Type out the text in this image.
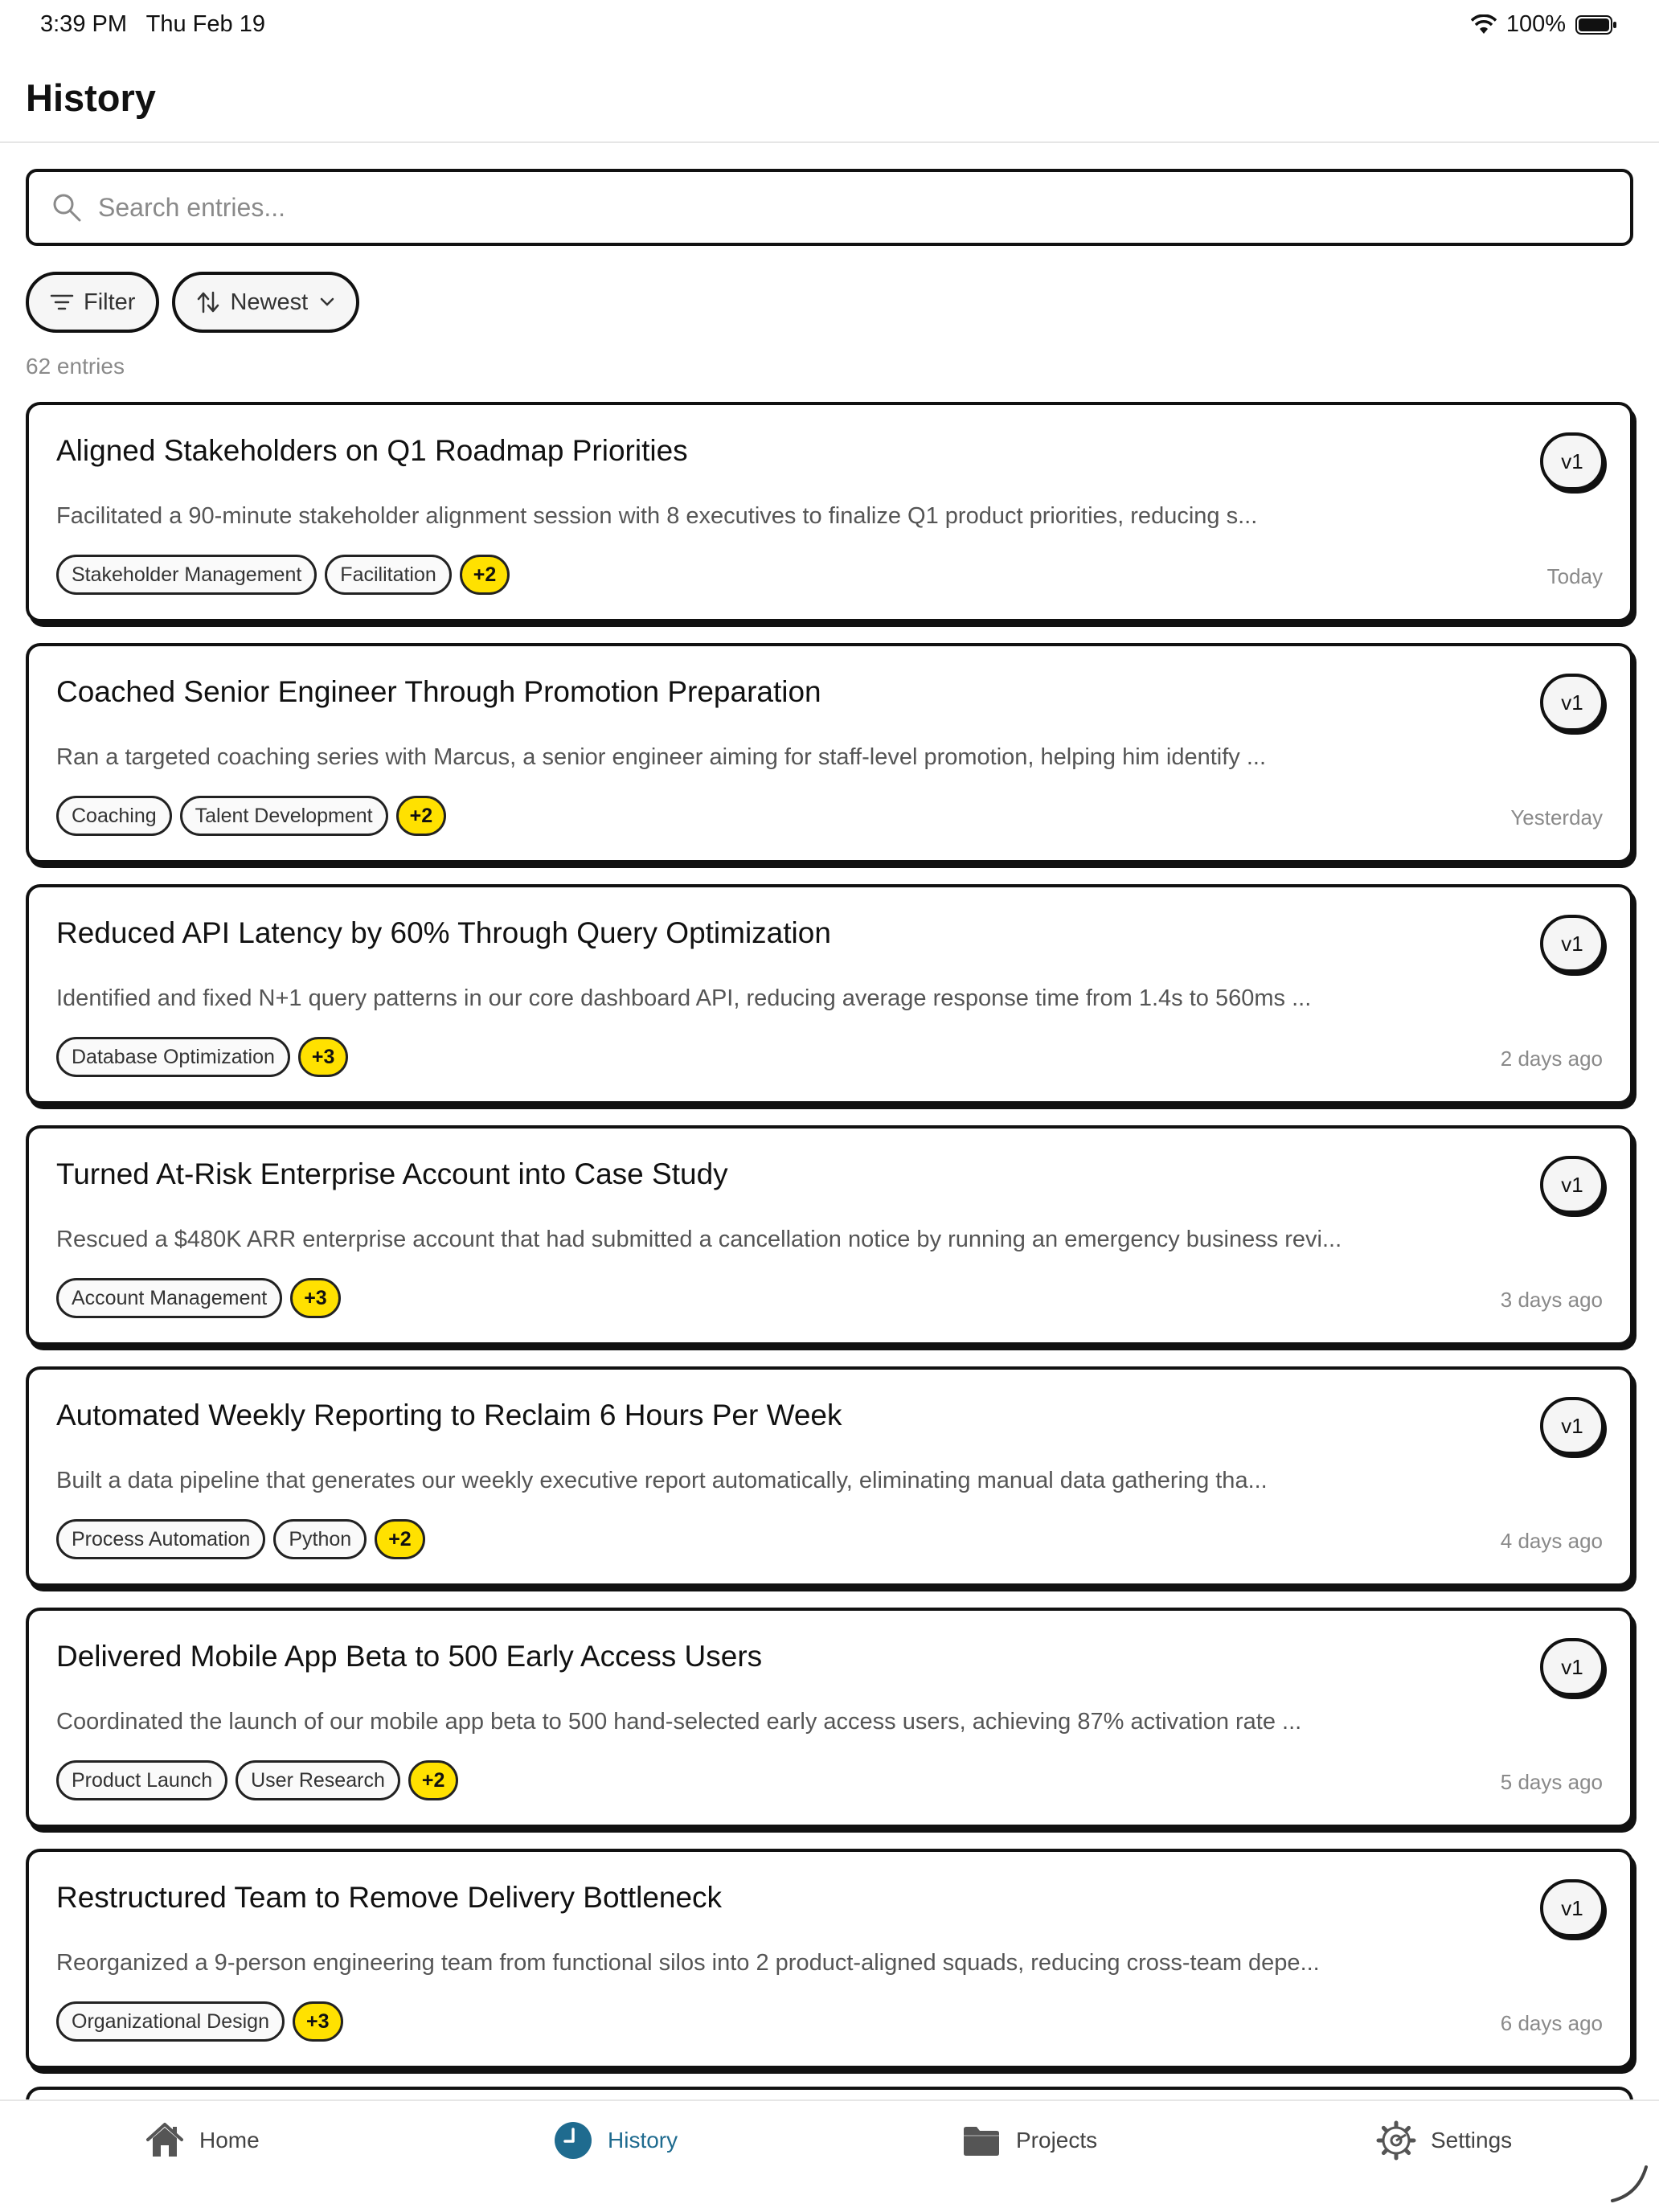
3:39 PM Thu Feb 19	100%
History
Search entries...
Filter	Newest
62 entries
Aligned Stakeholders on Q1 Roadmap Priorities	v1
Facilitated a 90-minute stakeholder alignment session with 8 executives to finalize Q1 product priorities, reducing s...
Stakeholder Management	Facilitation	+2	Today
Coached Senior Engineer Through Promotion Preparation	v1
Ran a targeted coaching series with Marcus, a senior engineer aiming for staff-level promotion, helping him identify ...
Coaching	Talent Development	+2	Yesterday
Reduced API Latency by 60% Through Query Optimization	v1
Identified and fixed N+1 query patterns in our core dashboard API, reducing average response time from 1.4s to 560ms ...
Database Optimization	+3	2 days ago
Turned At-Risk Enterprise Account into Case Study	v1
Rescued a $480K ARR enterprise account that had submitted a cancellation notice by running an emergency business revi...
Account Management	+3	3 days ago
Automated Weekly Reporting to Reclaim 6 Hours Per Week	v1
Built a data pipeline that generates our weekly executive report automatically, eliminating manual data gathering tha...
Process Automation	Python	+2	4 days ago
Delivered Mobile App Beta to 500 Early Access Users	v1
Coordinated the launch of our mobile app beta to 500 hand-selected early access users, achieving 87% activation rate ...
Product Launch	User Research	+2	5 days ago
Restructured Team to Remove Delivery Bottleneck	v1
Reorganized a 9-person engineering team from functional silos into 2 product-aligned squads, reducing cross-team depe...
Organizational Design	+3	6 days ago
Home	History	Projects	Settings
